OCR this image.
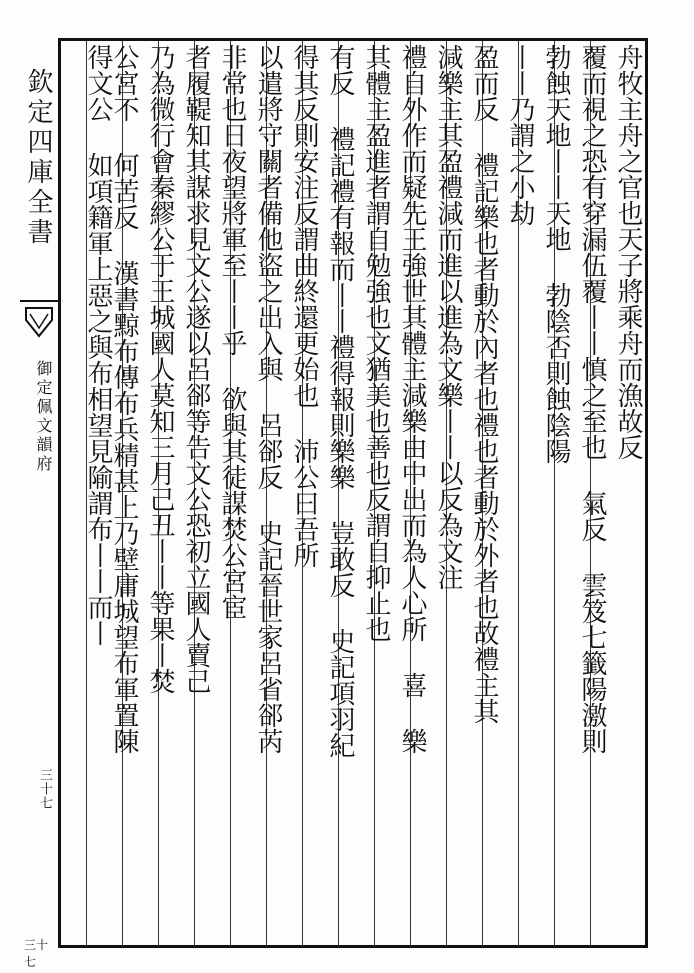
欽定四庫全書
御定佩文韻府
三十七
三十七
舟牧主舟之官也天子將乘舟而漁故反
覆而視之恐有穿漏伍覆丨丨慎之至也 氣反 雲笈七籤陽激則
勃蝕天地丨丨天地 勃陰否則蝕陰陽
丨丨乃謂之小劫
盈而反 禮記樂也者動於內者也禮也者動於外者也故禮主其
減樂主其盈禮減而進以進為文樂丨丨以反為文注
禮自外作而疑先王強世其體主減樂由中出而為人心所 喜 樂
其體主盈進者謂自勉強也文猶美也善也反謂自抑止也
有反 禮記禮有報而丨丨禮得報則樂樂 豈敢反 史記項羽紀
得其反則安注反謂曲終還更始也 沛公曰吾所
以遣將守關者備他盜之出入與 呂郤反 史記晉世家呂省郤芮
非常也日夜望將軍至丨丨乎 欲與其徒謀焚公宮宦
者履鞮知其謀求見文公遂以呂郤等告文公恐初立國人賣己
乃為微行會秦繆公于王城國人莫知三月己丑丨丨等果丨焚
公宮不 何苦反 漢書黥布傳布兵精甚上乃壁庸城望布軍置陳
得文公 如項籍軍上惡之與布相望見隃謂布丨丨而丨
